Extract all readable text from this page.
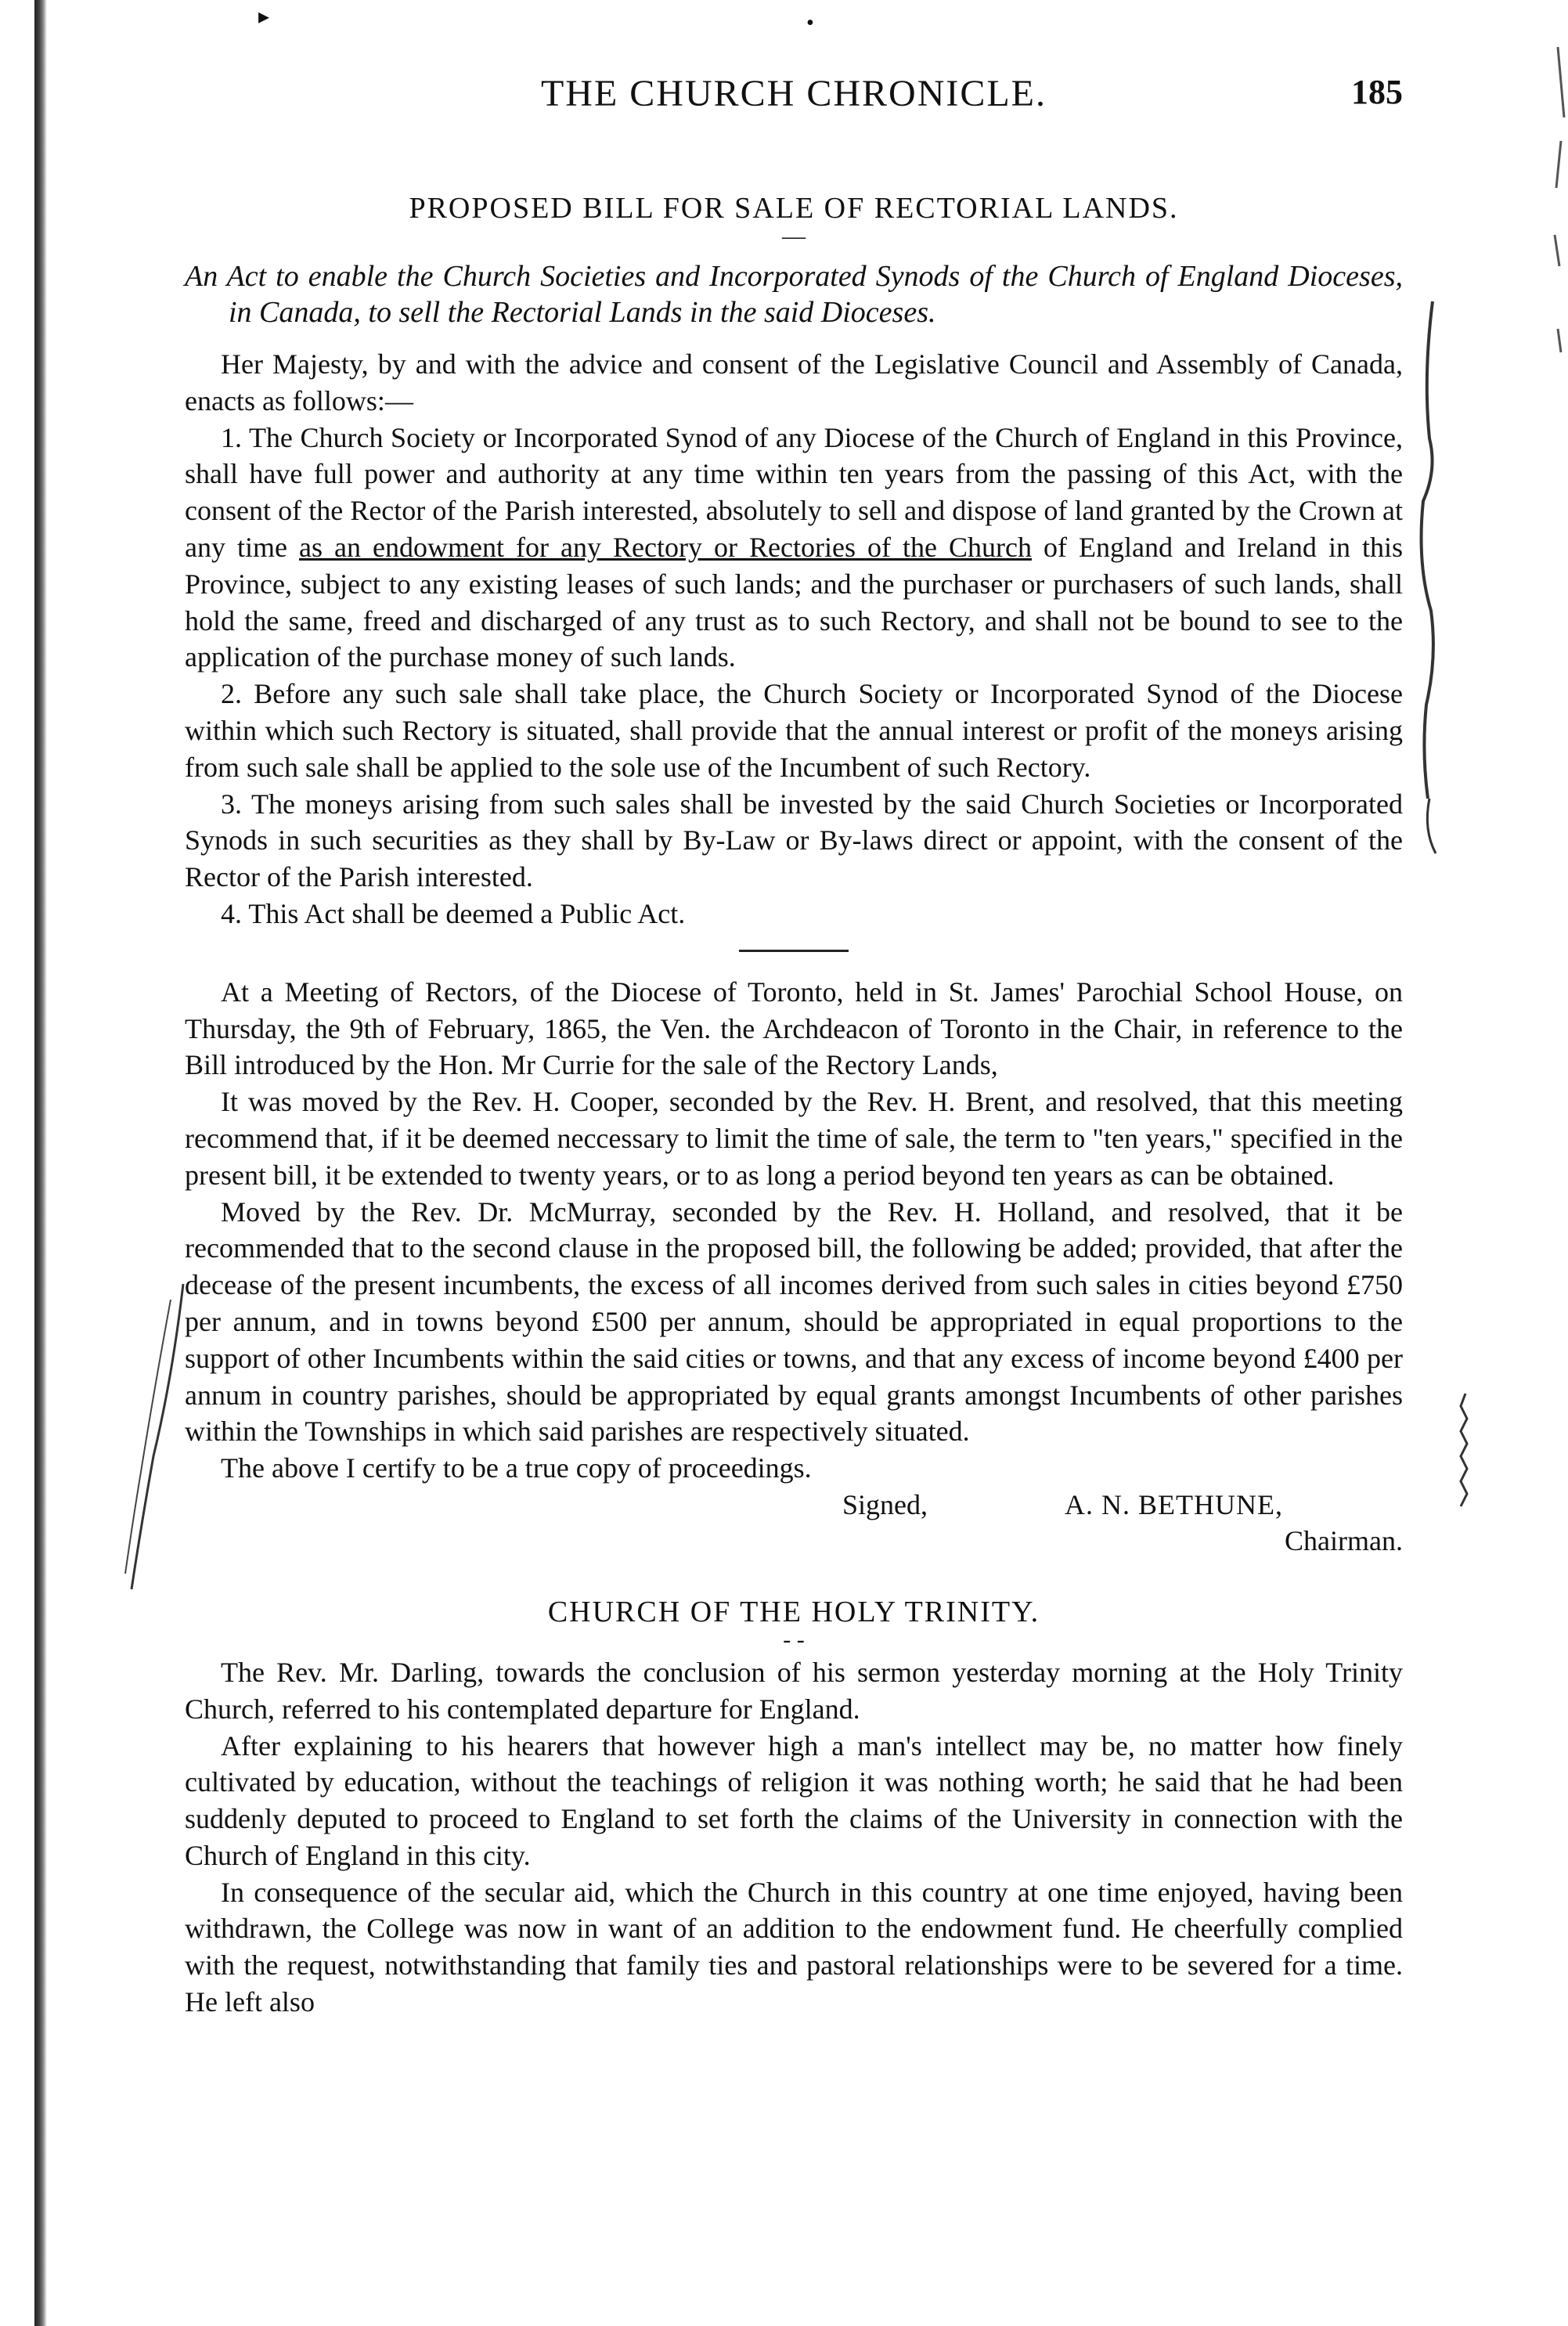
▸	•
THE CHURCH CHRONICLE.	185
PROPOSED BILL FOR SALE OF RECTORIAL LANDS.
—
An Act to enable the Church Societies and Incorporated Synods of the Church of England Dioceses, in Canada, to sell the Rectorial Lands in the said Dioceses.

Her Majesty, by and with the advice and consent of the Legislative Council and Assembly of Canada, enacts as follows:—

1. The Church Society or Incorporated Synod of any Diocese of the Church of England in this Province, shall have full power and authority at any time within ten years from the passing of this Act, with the consent of the Rector of the Parish interested, absolutely to sell and dispose of land granted by the Crown at any time as an endowment for any Rectory or Rectories of the Church of England and Ireland in this Province, subject to any existing leases of such lands; and the purchaser or purchasers of such lands, shall hold the same, freed and discharged of any trust as to such Rectory, and shall not be bound to see to the application of the purchase money of such lands.

2. Before any such sale shall take place, the Church Society or Incorporated Synod of the Diocese within which such Rectory is situated, shall provide that the annual interest or profit of the moneys arising from such sale shall be applied to the sole use of the Incumbent of such Rectory.

3. The moneys arising from such sales shall be invested by the said Church Societies or Incorporated Synods in such securities as they shall by By-Law or By-laws direct or appoint, with the consent of the Rector of the Parish interested.

4. This Act shall be deemed a Public Act.

At a Meeting of Rectors, of the Diocese of Toronto, held in St. James' Parochial School House, on Thursday, the 9th of February, 1865, the Ven. the Archdeacon of Toronto in the Chair, in reference to the Bill introduced by the Hon. Mr Currie for the sale of the Rectory Lands,

It was moved by the Rev. H. Cooper, seconded by the Rev. H. Brent, and resolved, that this meeting recommend that, if it be deemed neccessary to limit the time of sale, the term to "ten years," specified in the present bill, it be extended to twenty years, or to as long a period beyond ten years as can be obtained.

Moved by the Rev. Dr. McMurray, seconded by the Rev. H. Holland, and resolved, that it be recommended that to the second clause in the proposed bill, the following be added; provided, that after the decease of the present incumbents, the excess of all incomes derived from such sales in cities beyond £750 per annum, and in towns beyond £500 per annum, should be appropriated in equal proportions to the support of other Incumbents within the said cities or towns, and that any excess of income beyond £400 per annum in country parishes, should be appropriated by equal grants amongst Incumbents of other parishes within the Townships in which said parishes are respectively situated.

The above I certify to be a true copy of proceedings.

Signed,	A. N. BETHUNE,
Chairman.
CHURCH OF THE HOLY TRINITY.
- -

The Rev. Mr. Darling, towards the conclusion of his sermon yesterday morning at the Holy Trinity Church, referred to his contemplated departure for England.

After explaining to his hearers that however high a man's intellect may be, no matter how finely cultivated by education, without the teachings of religion it was nothing worth; he said that he had been suddenly deputed to proceed to England to set forth the claims of the University in connection with the Church of England in this city.

In consequence of the secular aid, which the Church in this country at one time enjoyed, having been withdrawn, the College was now in want of an addition to the endowment fund. He cheerfully complied with the request, notwithstanding that family ties and pastoral relationships were to be severed for a time. He left also
